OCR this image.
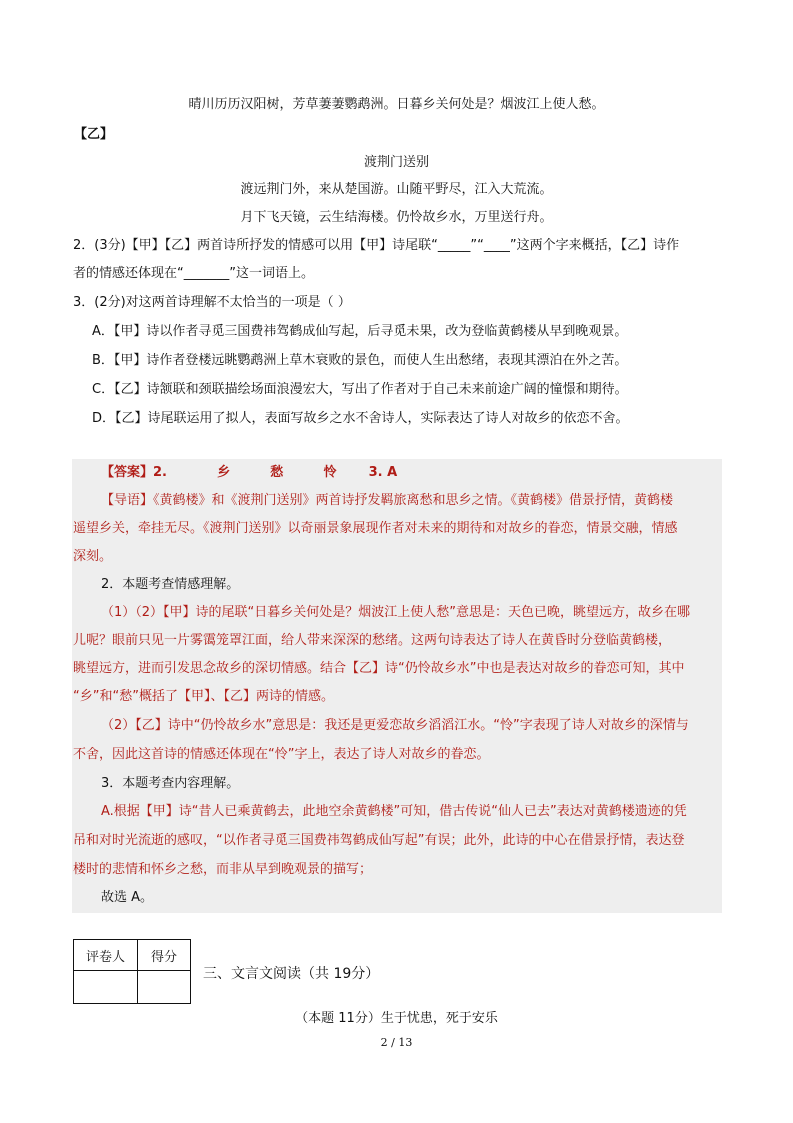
晴川历历汉阳树，芳草萋萋鹦鹉洲。日暮乡关何处是？烟波江上使人愁。
【乙】
渡荆门送别
渡远荆门外，来从楚国游。山随平野尽，江入大荒流。
月下飞天镜，云生结海楼。仍怜故乡水，万里送行舟。
2．(3分)【甲】【乙】两首诗所抒发的情感可以用【甲】诗尾联“_____”“____”这两个字来概括，【乙】诗作
者的情感还体现在“_______”这一词语上。
3．(2分)对这两首诗理解不太恰当的一项是（ ）
A．【甲】诗以作者寻觅三国费祎驾鹤成仙写起，后寻觅未果，改为登临黄鹤楼从早到晚观景。
B．【甲】诗作者登楼远眺鹦鹉洲上草木衰败的景色，而使人生出愁绪，表现其漂泊在外之苦。
C．【乙】诗颔联和颈联描绘场面浪漫宏大，写出了作者对于自己未来前途广阔的憧憬和期待。
D．【乙】诗尾联运用了拟人，表面写故乡之水不舍诗人，实际表达了诗人对故乡的依恋不舍。
【答案】2.	乡	愁	怜 3. A
【导语】《黄鹤楼》和《渡荆门送别》两首诗抒发羁旅离愁和思乡之情。《黄鹤楼》借景抒情，黄鹤楼
遥望乡关，牵挂无尽。《渡荆门送别》以奇丽景象展现作者对未来的期待和对故乡的眷恋，情景交融，情感
深刻。
2．本题考查情感理解。
（1）（2）【甲】诗的尾联“日暮乡关何处是？烟波江上使人愁”意思是：天色已晚，眺望远方，故乡在哪
儿呢？眼前只见一片雾霭笼罩江面，给人带来深深的愁绪。这两句诗表达了诗人在黄昏时分登临黄鹤楼，
眺望远方，进而引发思念故乡的深切情感。结合【乙】诗“仍怜故乡水”中也是表达对故乡的眷恋可知，其中
“乡”和“愁”概括了【甲】、【乙】两诗的情感。
（2）【乙】诗中“仍怜故乡水”意思是：我还是更爱恋故乡滔滔江水。“怜”字表现了诗人对故乡的深情与
不舍，因此这首诗的情感还体现在“怜”字上，表达了诗人对故乡的眷恋。
3．本题考查内容理解。
A.根据【甲】诗“昔人已乘黄鹤去，此地空余黄鹤楼”可知，借古传说“仙人已去”表达对黄鹤楼遗迹的凭
吊和对时光流逝的感叹，“以作者寻觅三国费祎驾鹤成仙写起”有误；此外，此诗的中心在借景抒情，表达登
楼时的悲情和怀乡之愁，而非从早到晚观景的描写；
故选 A。
评卷人	得分

三、文言文阅读（共 19分）
（本题 11分）生于忧患，死于安乐
2 / 13
